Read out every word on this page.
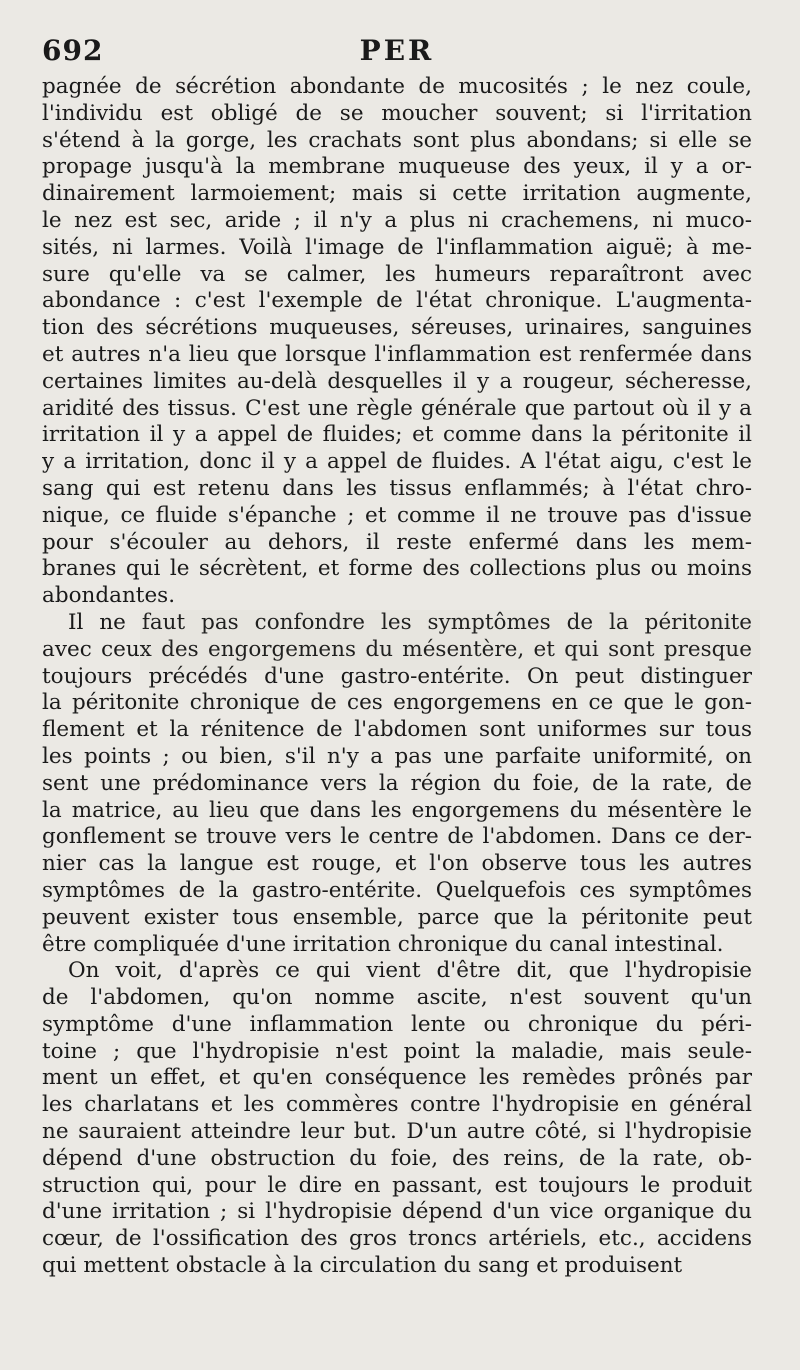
692	PER
pagnée de sécrétion abondante de mucosités ; le nez coule,
l'individu est obligé de se moucher souvent; si l'irritation
s'étend à la gorge, les crachats sont plus abondans; si elle se
propage jusqu'à la membrane muqueuse des yeux, il y a or-
dinairement larmoiement; mais si cette irritation augmente,
le nez est sec, aride ; il n'y a plus ni crachemens, ni muco-
sités, ni larmes. Voilà l'image de l'inflammation aiguë; à me-
sure qu'elle va se calmer, les humeurs reparaîtront avec
abondance : c'est l'exemple de l'état chronique. L'augmenta-
tion des sécrétions muqueuses, séreuses, urinaires, sanguines
et autres n'a lieu que lorsque l'inflammation est renfermée dans
certaines limites au-delà desquelles il y a rougeur, sécheresse,
aridité des tissus. C'est une règle générale que partout où il y a
irritation il y a appel de fluides; et comme dans la péritonite il
y a irritation, donc il y a appel de fluides. A l'état aigu, c'est le
sang qui est retenu dans les tissus enflammés; à l'état chro-
nique, ce fluide s'épanche ; et comme il ne trouve pas d'issue
pour s'écouler au dehors, il reste enfermé dans les mem-
branes qui le sécrètent, et forme des collections plus ou moins
abondantes.
Il ne faut pas confondre les symptômes de la péritonite
avec ceux des engorgemens du mésentère, et qui sont presque
toujours précédés d'une gastro-entérite. On peut distinguer
la péritonite chronique de ces engorgemens en ce que le gon-
flement et la rénitence de l'abdomen sont uniformes sur tous
les points ; ou bien, s'il n'y a pas une parfaite uniformité, on
sent une prédominance vers la région du foie, de la rate, de
la matrice, au lieu que dans les engorgemens du mésentère le
gonflement se trouve vers le centre de l'abdomen. Dans ce der-
nier cas la langue est rouge, et l'on observe tous les autres
symptômes de la gastro-entérite. Quelquefois ces symptômes
peuvent exister tous ensemble, parce que la péritonite peut
être compliquée d'une irritation chronique du canal intestinal.
On voit, d'après ce qui vient d'être dit, que l'hydropisie
de l'abdomen, qu'on nomme ascite, n'est souvent qu'un
symptôme d'une inflammation lente ou chronique du péri-
toine ; que l'hydropisie n'est point la maladie, mais seule-
ment un effet, et qu'en conséquence les remèdes prônés par
les charlatans et les commères contre l'hydropisie en général
ne sauraient atteindre leur but. D'un autre côté, si l'hydropisie
dépend d'une obstruction du foie, des reins, de la rate, ob-
struction qui, pour le dire en passant, est toujours le produit
d'une irritation ; si l'hydropisie dépend d'un vice organique du
cœur, de l'ossification des gros troncs artériels, etc., accidens
qui mettent obstacle à la circulation du sang et produisent
